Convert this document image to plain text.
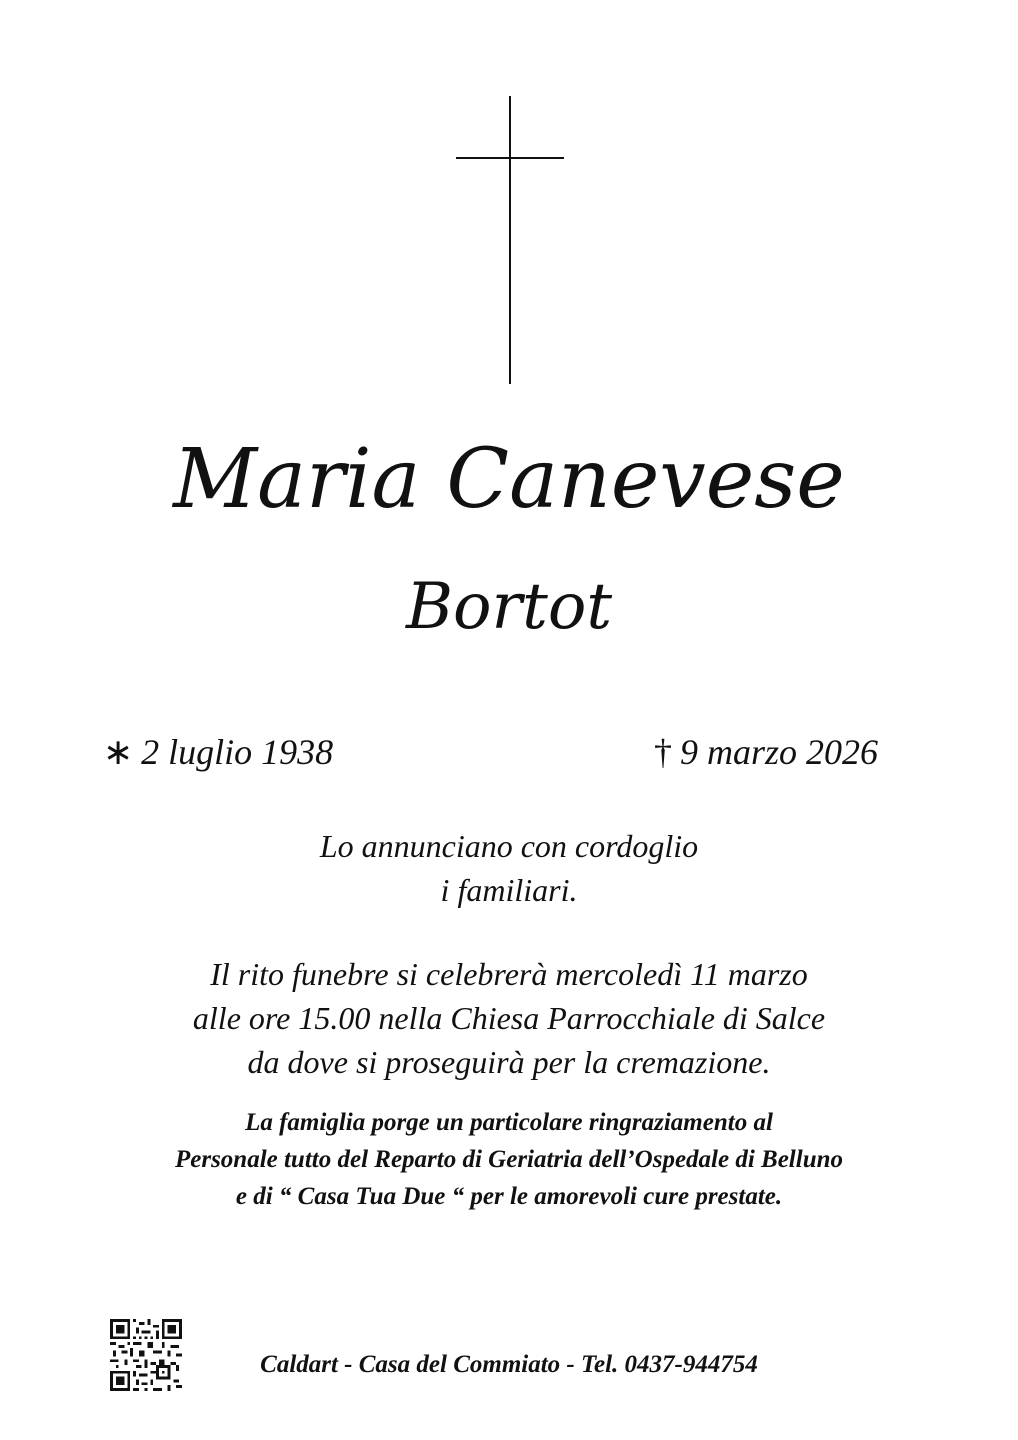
Maria Canevese
Bortot
∗ 2 luglio 1938	† 9 marzo 2026
Lo annunciano con cordoglio
i familiari.
Il rito funebre si celebrerà mercoledì 11 marzo
alle ore 15.00 nella Chiesa Parrocchiale di Salce
da dove si proseguirà per la cremazione.
La famiglia porge un particolare ringraziamento al
Personale tutto del Reparto di Geriatria dell’Ospedale di Belluno
e di “ Casa Tua Due “ per le amorevoli cure prestate.
Caldart - Casa del Commiato - Tel. 0437-944754
